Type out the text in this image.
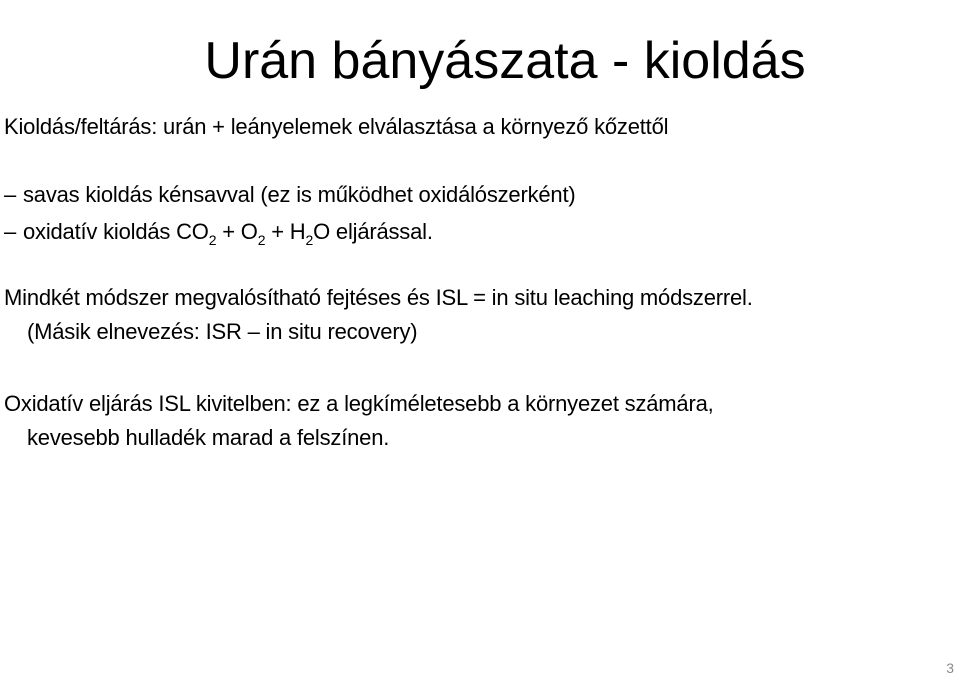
Urán bányászata - kioldás
Kioldás/feltárás: urán + leányelemek elválasztása a környező kőzettől
– savas kioldás kénsavval (ez is működhet oxidálószerként)
– oxidatív kioldás $CO_2 + O_2 + H_2O$ eljárással.
Mindkét módszer megvalósítható fejtéses és ISL = in situ leaching módszerrel.
(Másik elnevezés: ISR – in situ recovery)
Oxidatív eljárás ISL kivitelben: ez a legkíméletesebb a környezet számára,
kevesebb hulladék marad a felszínen.
3
